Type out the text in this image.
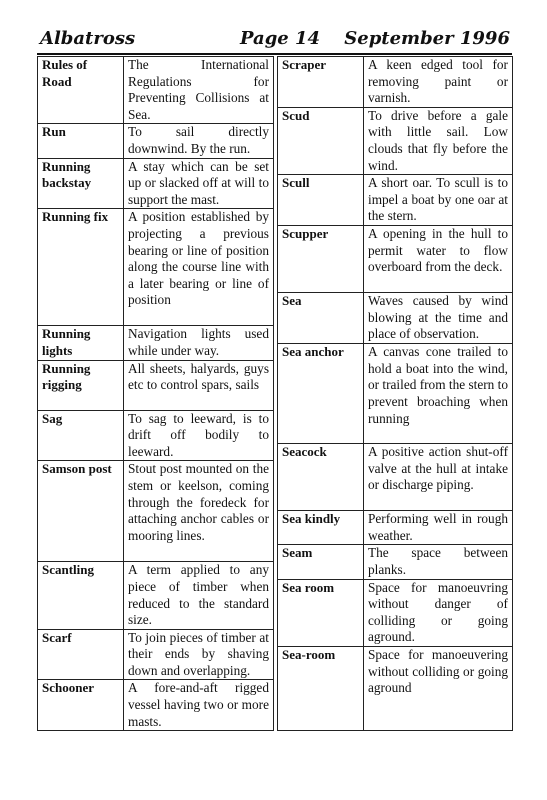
Albatross	Page 14 September 1996
Rules of Road	The International Regulations for Preventing Collisions at Sea.
Run	To sail directly downwind. By the run.
Running backstay	A stay which can be set up or slacked off at will to support the mast.
Running fix	A position established by projecting a previous bearing or line of position along the course line with a later bearing or line of position
Running lights	Navigation lights used while under way.
Running rigging	All sheets, halyards, guys etc to control spars, sails
Sag	To sag to leeward, is to drift off bodily to leeward.
Samson post	Stout post mounted on the stem or keelson, coming through the foredeck for attaching anchor cables or mooring lines.
Scantling	A term applied to any piece of timber when reduced to the standard size.
Scarf	To join pieces of timber at their ends by shaving down and overlapping.
Schooner	A fore-and-aft rigged vessel having two or more masts.
Scraper	A keen edged tool for removing paint or varnish.
Scud	To drive before a gale with little sail. Low clouds that fly before the wind.
Scull	A short oar. To scull is to impel a boat by one oar at the stern.
Scupper	A opening in the hull to permit water to flow overboard from the deck.
Sea	Waves caused by wind blowing at the time and place of observation.
Sea anchor	A canvas cone trailed to hold a boat into the wind, or trailed from the stern to prevent broaching when running
Seacock	A positive action shut-off valve at the hull at intake or discharge piping.
Sea kindly	Performing well in rough weather.
Seam	The space between planks.
Sea room	Space for manoeuvring without danger of colliding or going aground.
Sea-room	Space for manoeuvering without colliding or going aground
